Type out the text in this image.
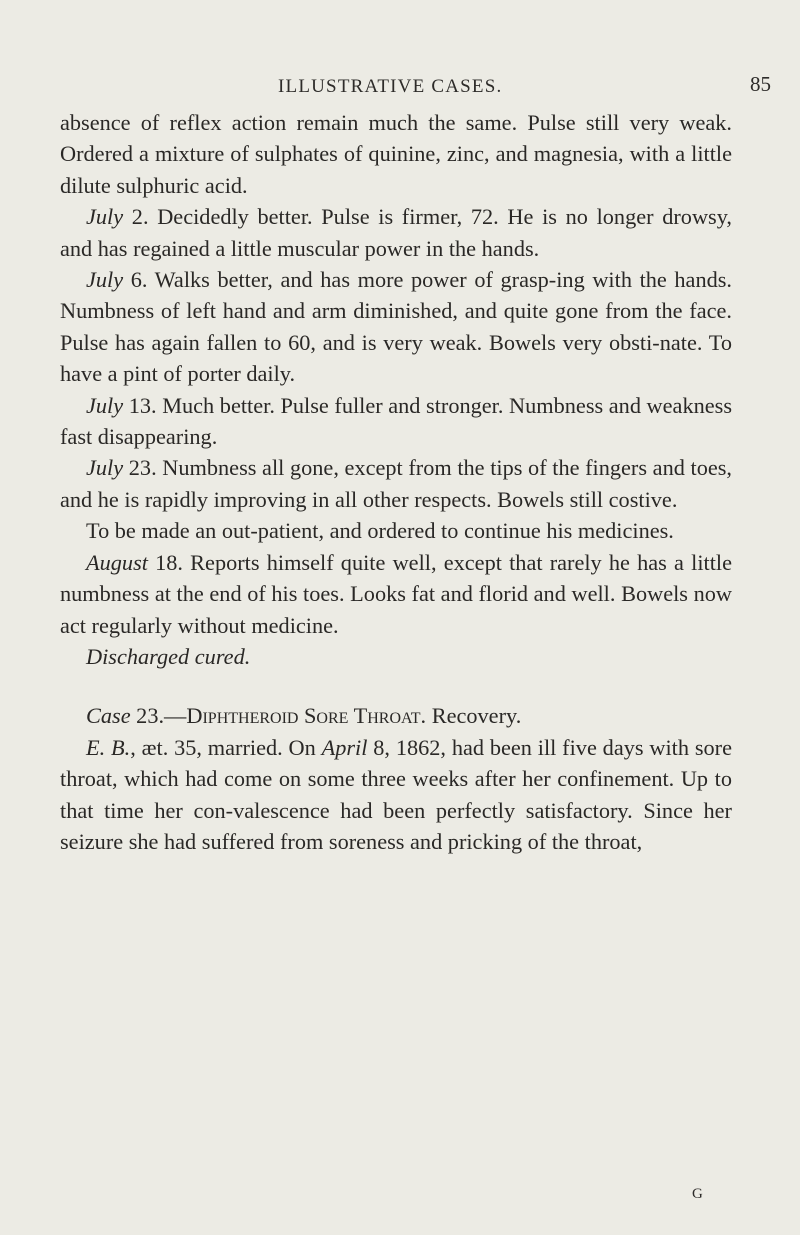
ILLUSTRATIVE CASES.	85

absence of reflex action remain much the same. Pulse still very weak. Ordered a mixture of sulphates of quinine, zinc, and magnesia, with a little dilute sulphuric acid.

July 2. Decidedly better. Pulse is firmer, 72. He is no longer drowsy, and has regained a little muscular power in the hands.

July 6. Walks better, and has more power of grasp-ing with the hands. Numbness of left hand and arm diminished, and quite gone from the face. Pulse has again fallen to 60, and is very weak. Bowels very obsti-nate. To have a pint of porter daily.

July 13. Much better. Pulse fuller and stronger. Numbness and weakness fast disappearing.

July 23. Numbness all gone, except from the tips of the fingers and toes, and he is rapidly improving in all other respects. Bowels still costive.

To be made an out-patient, and ordered to continue his medicines.

August 18. Reports himself quite well, except that rarely he has a little numbness at the end of his toes. Looks fat and florid and well. Bowels now act regularly without medicine.

Discharged cured.

Case 23.—Diphtheroid Sore Throat. Recovery.

E. B., æt. 35, married. On April 8, 1862, had been ill five days with sore throat, which had come on some three weeks after her confinement. Up to that time her con-valescence had been perfectly satisfactory. Since her seizure she had suffered from soreness and pricking of the throat,

G
